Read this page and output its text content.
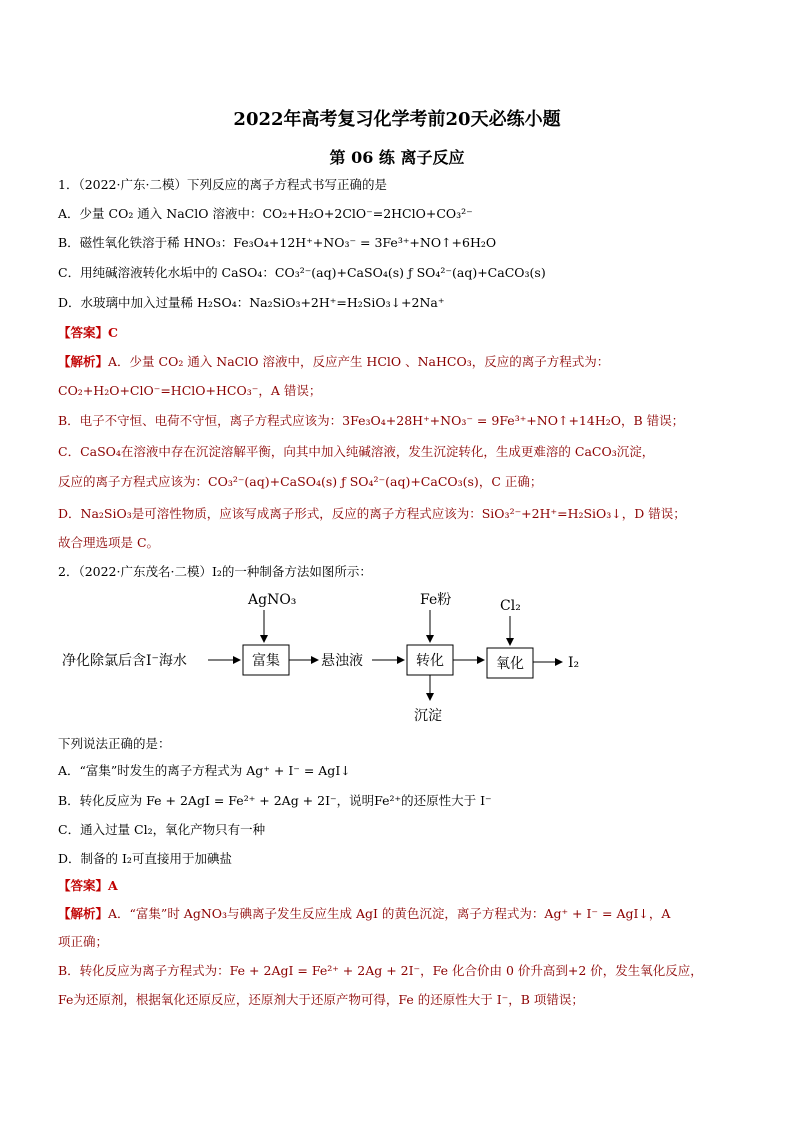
2022年高考复习化学考前20天必练小题
第 06 练 离子反应
1．（2022·广东·二模）下列反应的离子方程式书写正确的是
A．少量 CO₂ 通入 NaClO 溶液中：CO₂+H₂O+2ClO⁻=2HClO+CO₃²⁻
B．磁性氧化铁溶于稀 HNO₃：Fe₃O₄+12H⁺+NO₃⁻ = 3Fe³⁺+NO↑+6H₂O
C．用纯碱溶液转化水垢中的 CaSO₄：CO₃²⁻(aq)+CaSO₄(s) ƒ SO₄²⁻(aq)+CaCO₃(s)
D．水玻璃中加入过量稀 H₂SO₄：Na₂SiO₃+2H⁺=H₂SiO₃↓+2Na⁺
【答案】C
【解析】A．少量 CO₂ 通入 NaClO 溶液中，反应产生 HClO 、NaHCO₃，反应的离子方程式为：
CO₂+H₂O+ClO⁻=HClO+HCO₃⁻，A 错误；
B．电子不守恒、电荷不守恒，离子方程式应该为：3Fe₃O₄+28H⁺+NO₃⁻ = 9Fe³⁺+NO↑+14H₂O，B 错误；
C．CaSO₄在溶液中存在沉淀溶解平衡，向其中加入纯碱溶液，发生沉淀转化，生成更难溶的 CaCO₃沉淀，
反应的离子方程式应该为：CO₃²⁻(aq)+CaSO₄(s) ƒ SO₄²⁻(aq)+CaCO₃(s)，C 正确；
D．Na₂SiO₃是可溶性物质，应该写成离子形式，反应的离子方程式应该为：SiO₃²⁻+2H⁺=H₂SiO₃↓，D 错误；
故合理选项是 C。
2．（2022·广东茂名·二模）I₂的一种制备方法如图所示：
净化除氯后含I⁻海水
AgNO₃
富集	悬浊液
Fe粉
转化
沉淀
Cl₂
氧化	I₂
下列说法正确的是：
A．“富集”时发生的离子方程式为 Ag⁺ + I⁻ = AgI↓
B．转化反应为 Fe + 2AgI = Fe²⁺ + 2Ag + 2I⁻，说明Fe²⁺的还原性大于 I⁻
C．通入过量 Cl₂，氧化产物只有一种
D．制备的 I₂可直接用于加碘盐
【答案】A
【解析】A．“富集”时 AgNO₃与碘离子发生反应生成 AgI 的黄色沉淀，离子方程式为：Ag⁺ + I⁻ = AgI↓，A
项正确；
B．转化反应为离子方程式为：Fe + 2AgI = Fe²⁺ + 2Ag + 2I⁻，Fe 化合价由 0 价升高到+2 价，发生氧化反应，
Fe为还原剂，根据氧化还原反应，还原剂大于还原产物可得，Fe 的还原性大于 I⁻，B 项错误；
